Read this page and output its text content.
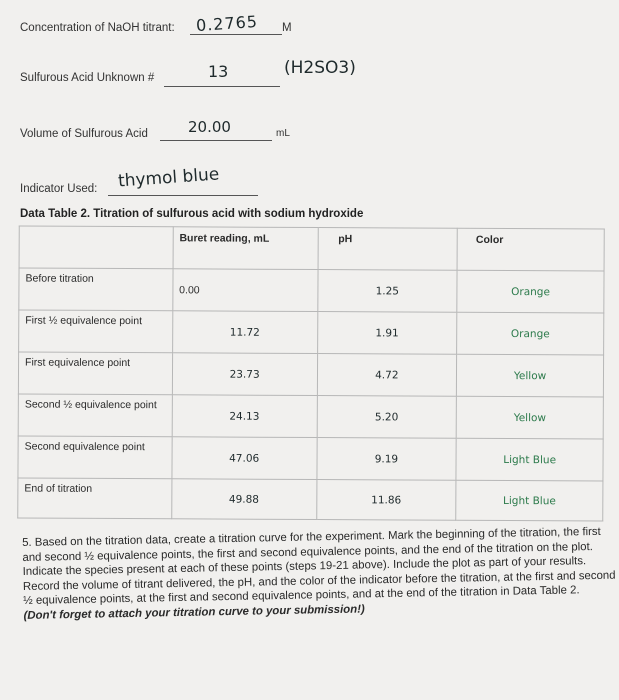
Concentration of NaOH titrant: 0.2765 M
Sulfurous Acid Unknown #	13	(H2SO3)
Volume of Sulfurous Acid	20.00	mL
Indicator Used: thymol blue
Data Table 2. Titration of sulfurous acid with sodium hydroxide
	Buret reading, mL	pH	Color
Before titration	0.00	1.25	Orange
First ½ equivalence point	11.72	1.91	Orange
First equivalence point	23.73	4.72	Yellow
Second ½ equivalence point	24.13	5.20	Yellow
Second equivalence point	47.06	9.19	Light Blue
End of titration	49.88	11.86	Light Blue
5. Based on the titration data, create a titration curve for the experiment. Mark the beginning of the titration, the first and second ½ equivalence points, the first and second equivalence points, and the end of the titration on the plot. Indicate the species present at each of these points (steps 19-21 above). Include the plot as part of your results. Record the volume of titrant delivered, the pH, and the color of the indicator before the titration, at the first and second ½ equivalence points, at the first and second equivalence points, and at the end of the titration in Data Table 2.
(Don't forget to attach your titration curve to your submission!)
